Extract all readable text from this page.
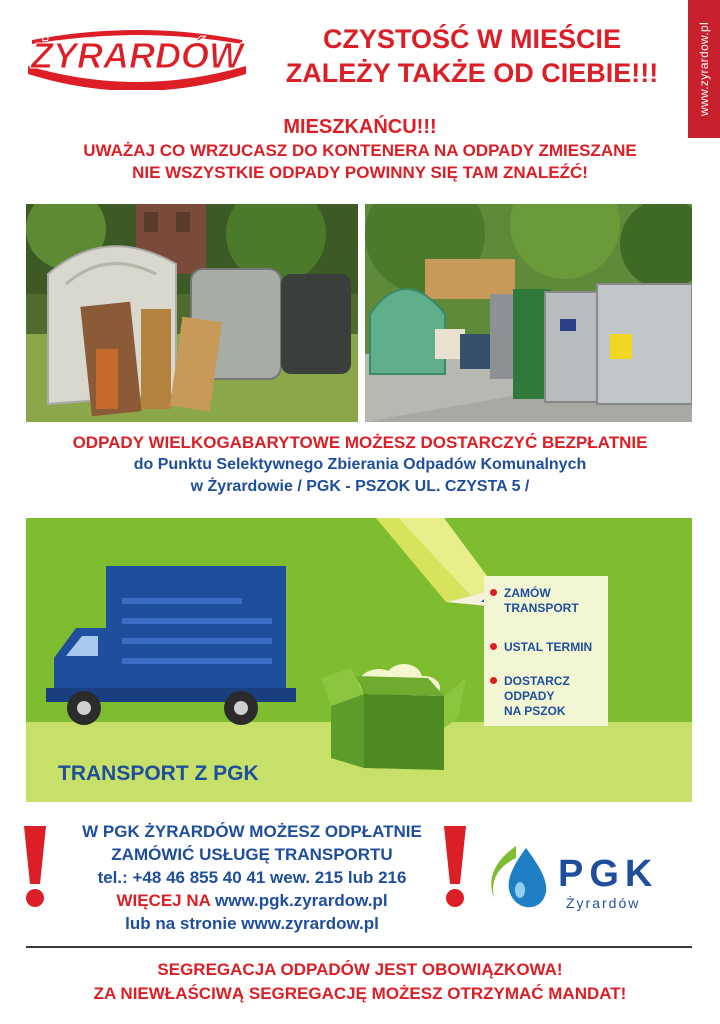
ŻYRARDÓW	CZYSTOŚĆ W MIEŚCIE
ZALEŻY TAKŻE OD CIEBIE!!!	www.zyrardow.pl
MIESZKAŃCU!!!
UWAŻAJ CO WRZUCASZ DO KONTENERA NA ODPADY ZMIESZANE
NIE WSZYSTKIE ODPADY POWINNY SIĘ TAM ZNALEŹĆ!
ODPADY WIELKOGABARYTOWE MOŻESZ DOSTARCZYĆ BEZPŁATNIE
do Punktu Selektywnego Zbierania Odpadów Komunalnych
w Żyrardowie / PGK - PSZOK UL. CZYSTA 5 /
ZAMÓW
TRANSPORT
USTAL TERMIN
DOSTARCZ
ODPADY
NA PSZOK
TRANSPORT Z PGK
W PGK ŻYRARDÓW MOŻESZ ODPŁATNIE
ZAMÓWIĆ USŁUGĘ TRANSPORTU
tel.: +48 46 855 40 41 wew. 215 lub 216
WIĘCEJ NA www.pgk.zyrardow.pl
lub na stronie www.zyrardow.pl
PGK
Żyrardów
SEGREGACJA ODPADÓW JEST OBOWIĄZKOWA!
ZA NIEWŁAŚCIWĄ SEGREGACJĘ MOŻESZ OTRZYMAĆ MANDAT!
